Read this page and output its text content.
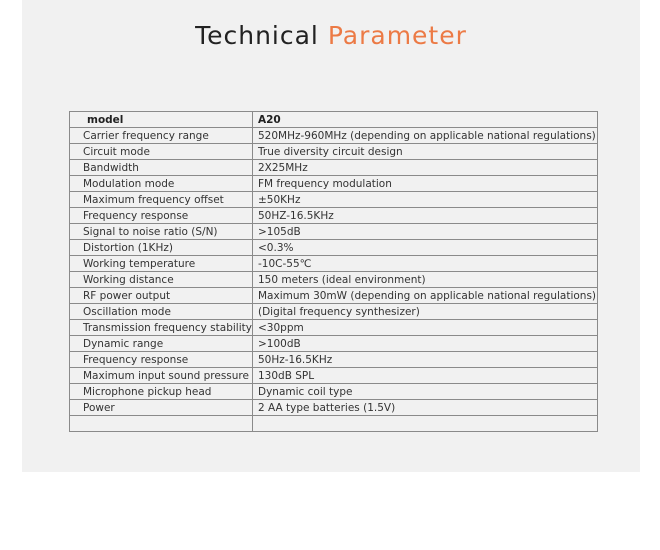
Technical Parameter
model	A20
Carrier frequency range	520MHz-960MHz (depending on applicable national regulations)
Circuit mode	True diversity circuit design
Bandwidth	2X25MHz
Modulation mode	FM frequency modulation
Maximum frequency offset	±50KHz
Frequency response	50HZ-16.5KHz
Signal to noise ratio (S/N)	>105dB
Distortion (1KHz)	<0.3%
Working temperature	-10C-55℃
Working distance	150 meters (ideal environment)
RF power output	Maximum 30mW (depending on applicable national regulations)
Oscillation mode	(Digital frequency synthesizer)
Transmission frequency stability	<30ppm
Dynamic range	>100dB
Frequency response	50Hz-16.5KHz
Maximum input sound pressure	130dB SPL
Microphone pickup head	Dynamic coil type
Power	2 AA type batteries (1.5V)
